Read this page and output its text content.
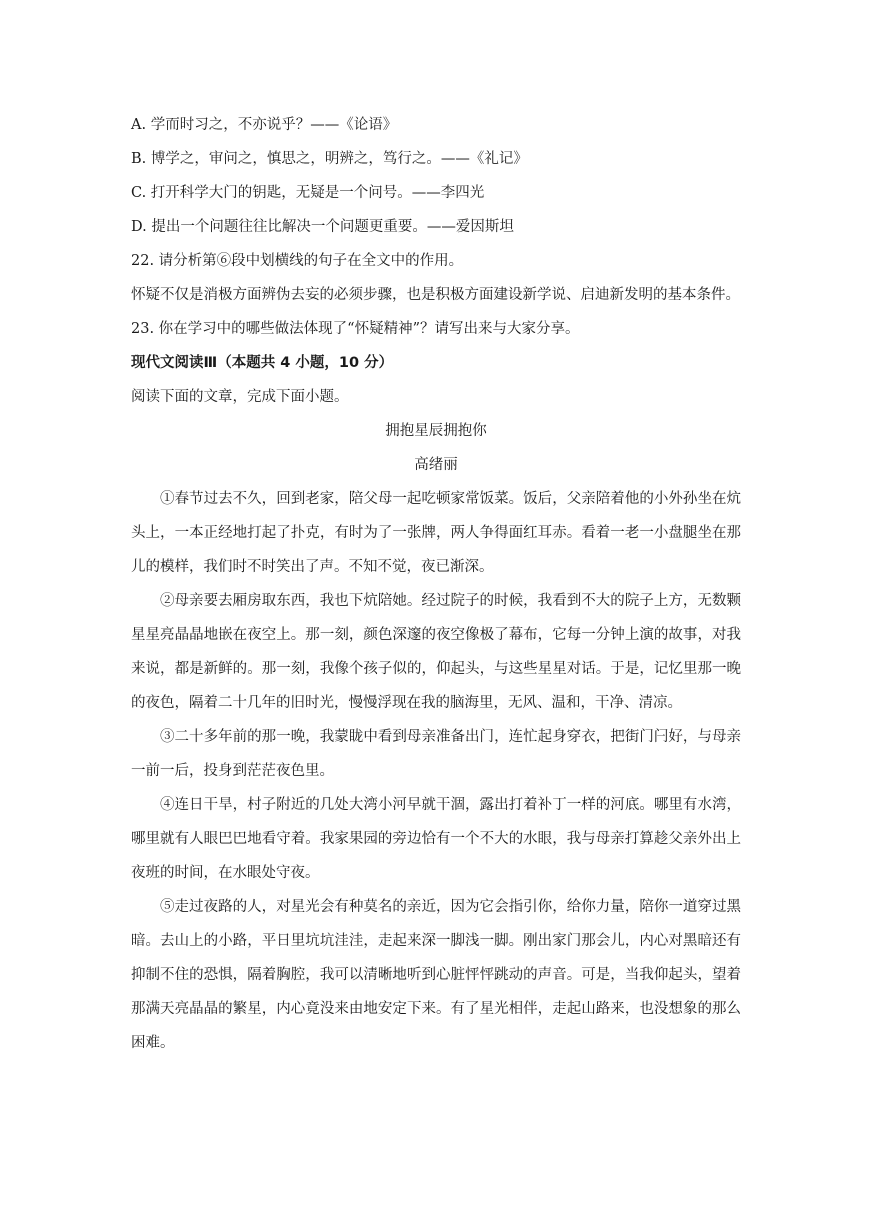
A. 学而时习之，不亦说乎？——《论语》

B. 博学之，审问之，慎思之，明辨之，笃行之。——《礼记》

C. 打开科学大门的钥匙，无疑是一个问号。——李四光

D. 提出一个问题往往比解决一个问题更重要。——爱因斯坦

22. 请分析第⑥段中划横线的句子在全文中的作用。

怀疑不仅是消极方面辨伪去妄的必须步骤，也是积极方面建设新学说、启迪新发明的基本条件。

23. 你在学习中的哪些做法体现了“怀疑精神”？请写出来与大家分享。

现代文阅读Ⅲ（本题共 4 小题，10 分）

阅读下面的文章，完成下面小题。

拥抱星辰拥抱你

高绪丽

①春节过去不久，回到老家，陪父母一起吃顿家常饭菜。饭后，父亲陪着他的小外孙坐在炕头上，一本正经地打起了扑克，有时为了一张牌，两人争得面红耳赤。看着一老一小盘腿坐在那儿的模样，我们时不时笑出了声。不知不觉，夜已渐深。

②母亲要去厢房取东西，我也下炕陪她。经过院子的时候，我看到不大的院子上方，无数颗星星亮晶晶地嵌在夜空上。那一刻，颜色深邃的夜空像极了幕布，它每一分钟上演的故事，对我来说，都是新鲜的。那一刻，我像个孩子似的，仰起头，与这些星星对话。于是，记忆里那一晚的夜色，隔着二十几年的旧时光，慢慢浮现在我的脑海里，无风、温和，干净、清凉。

③二十多年前的那一晚，我蒙眬中看到母亲准备出门，连忙起身穿衣，把街门闩好，与母亲一前一后，投身到茫茫夜色里。

④连日干旱，村子附近的几处大湾小河早就干涸，露出打着补丁一样的河底。哪里有水湾，哪里就有人眼巴巴地看守着。我家果园的旁边恰有一个不大的水眼，我与母亲打算趁父亲外出上夜班的时间，在水眼处守夜。

⑤走过夜路的人，对星光会有种莫名的亲近，因为它会指引你，给你力量，陪你一道穿过黑暗。去山上的小路，平日里坑坑洼洼，走起来深一脚浅一脚。刚出家门那会儿，内心对黑暗还有抑制不住的恐惧，隔着胸腔，我可以清晰地听到心脏怦怦跳动的声音。可是，当我仰起头，望着那满天亮晶晶的繁星，内心竟没来由地安定下来。有了星光相伴，走起山路来，也没想象的那么困难。
